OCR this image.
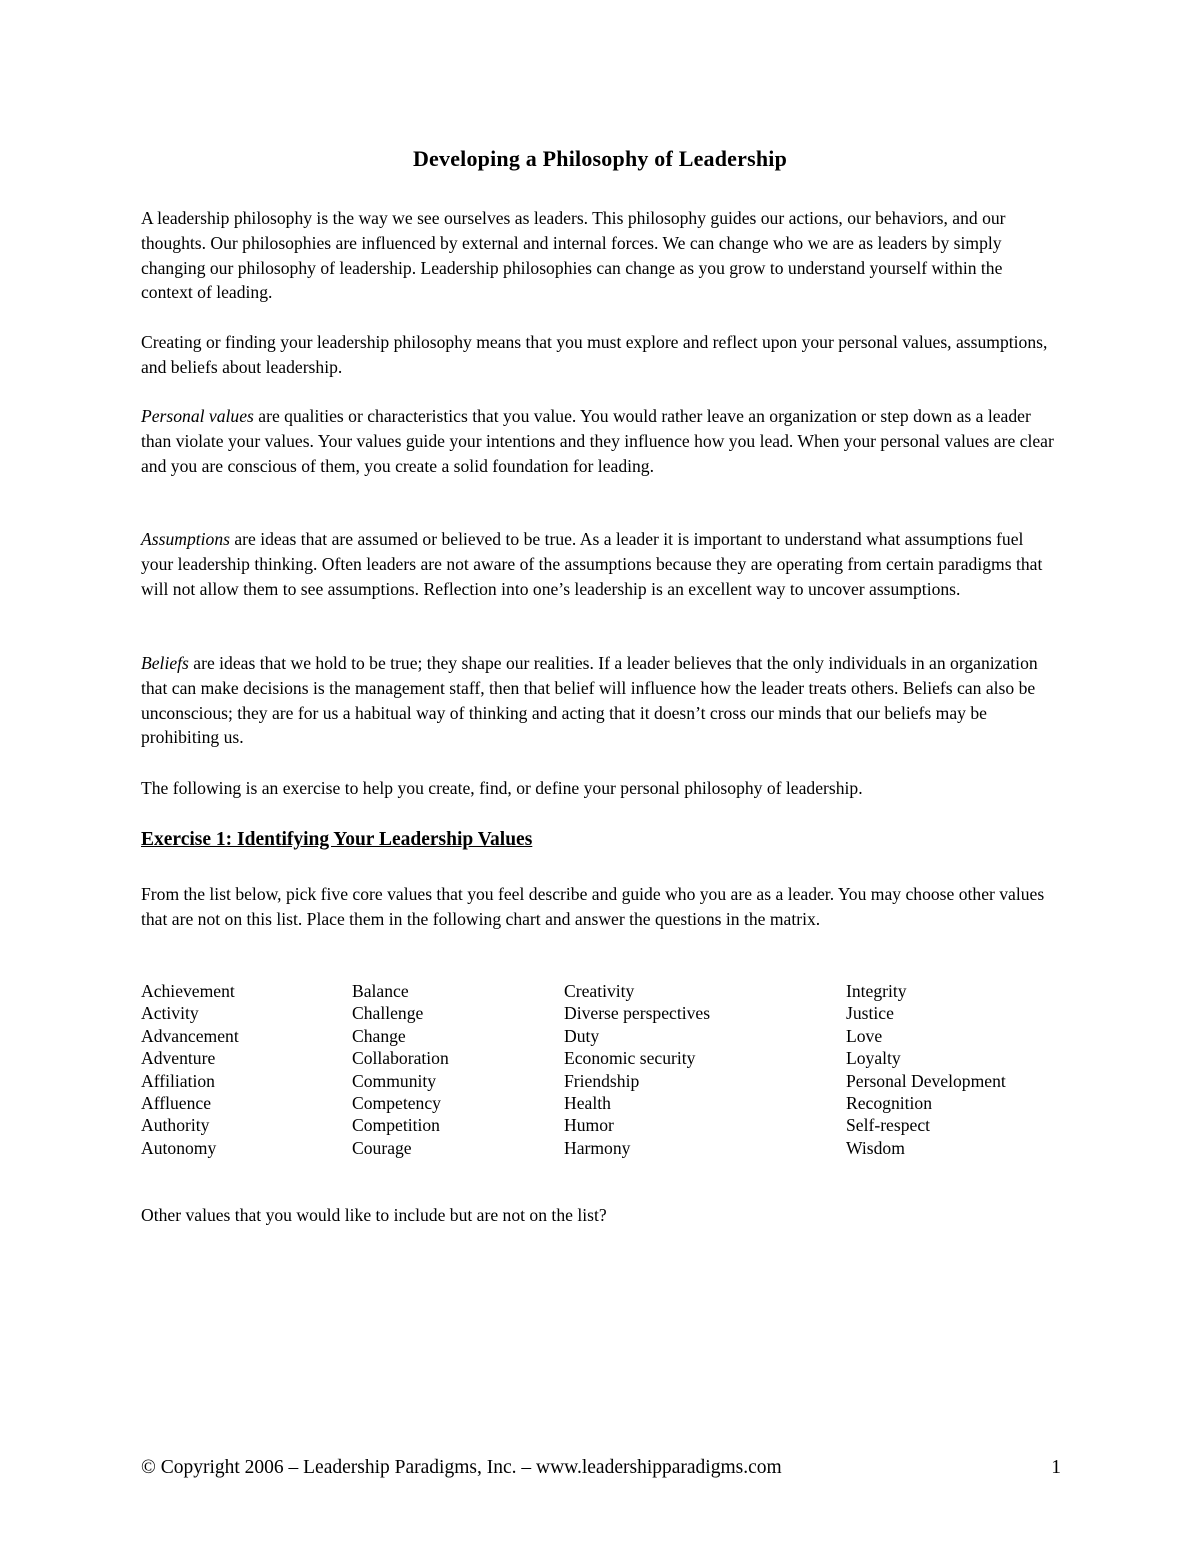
Developing a Philosophy of Leadership

A leadership philosophy is the way we see ourselves as leaders. This philosophy guides our actions, our behaviors, and our thoughts. Our philosophies are influenced by external and internal forces. We can change who we are as leaders by simply changing our philosophy of leadership. Leadership philosophies can change as you grow to understand yourself within the context of leading.

Creating or finding your leadership philosophy means that you must explore and reflect upon your personal values, assumptions, and beliefs about leadership.

Personal values are qualities or characteristics that you value. You would rather leave an organization or step down as a leader than violate your values. Your values guide your intentions and they influence how you lead. When your personal values are clear and you are conscious of them, you create a solid foundation for leading.

Assumptions are ideas that are assumed or believed to be true. As a leader it is important to understand what assumptions fuel your leadership thinking. Often leaders are not aware of the assumptions because they are operating from certain paradigms that will not allow them to see assumptions. Reflection into one’s leadership is an excellent way to uncover assumptions.

Beliefs are ideas that we hold to be true; they shape our realities. If a leader believes that the only individuals in an organization that can make decisions is the management staff, then that belief will influence how the leader treats others. Beliefs can also be unconscious; they are for us a habitual way of thinking and acting that it doesn’t cross our minds that our beliefs may be prohibiting us.

The following is an exercise to help you create, find, or define your personal philosophy of leadership.

Exercise 1: Identifying Your Leadership Values

From the list below, pick five core values that you feel describe and guide who you are as a leader. You may choose other values that are not on this list. Place them in the following chart and answer the questions in the matrix.

Achievement
Activity
Advancement
Adventure
Affiliation
Affluence
Authority
Autonomy
Balance
Challenge
Change
Collaboration
Community
Competency
Competition
Courage
Creativity
Diverse perspectives
Duty
Economic security
Friendship
Health
Humor
Harmony
Integrity
Justice
Love
Loyalty
Personal Development
Recognition
Self-respect
Wisdom
Other values that you would like to include but are not on the list?
© Copyright 2006 – Leadership Paradigms, Inc. – www.leadershipparadigms.com	1
